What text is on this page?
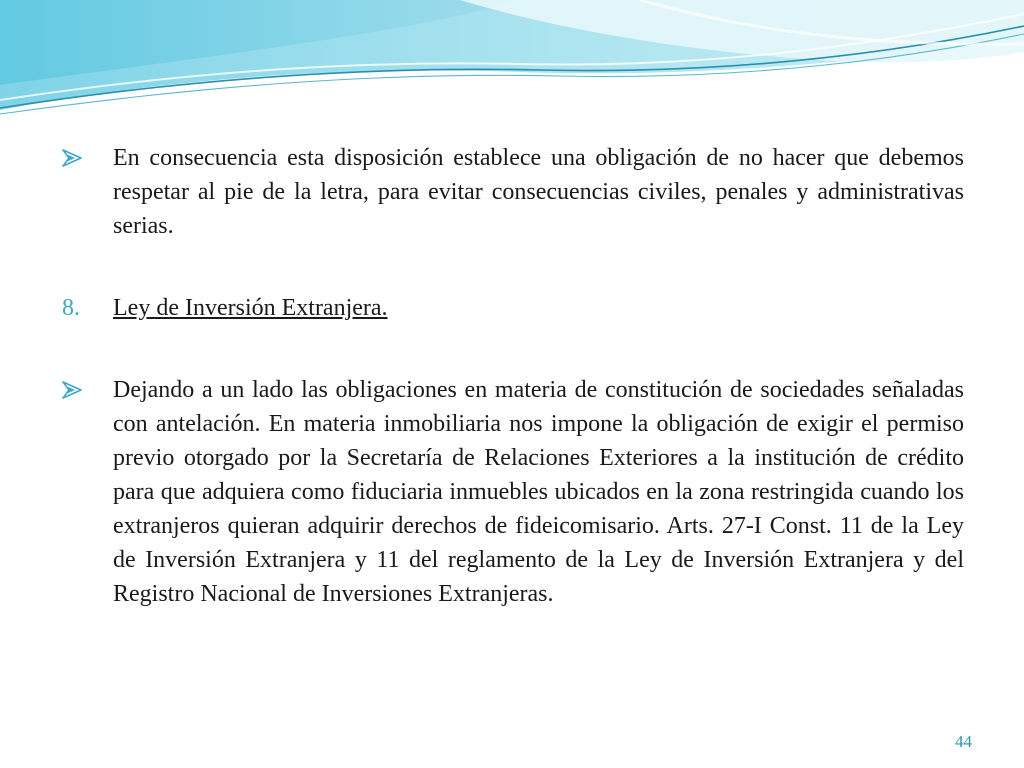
En consecuencia esta disposición establece una obligación de no hacer que debemos respetar al pie de la letra, para evitar consecuencias civiles, penales y administrativas serias.
8. Ley de Inversión Extranjera.
Dejando a un lado las obligaciones en materia de constitución de sociedades señaladas con antelación. En materia inmobiliaria nos impone la obligación de exigir el permiso previo otorgado por la Secretaría de Relaciones Exteriores a la institución de crédito para que adquiera como fiduciaria inmuebles ubicados en la zona restringida cuando los extranjeros quieran adquirir derechos de fideicomisario. Arts. 27-I Const. 11 de la Ley de Inversión Extranjera y 11 del reglamento de la Ley de Inversión Extranjera y del Registro Nacional de Inversiones Extranjeras.
44
